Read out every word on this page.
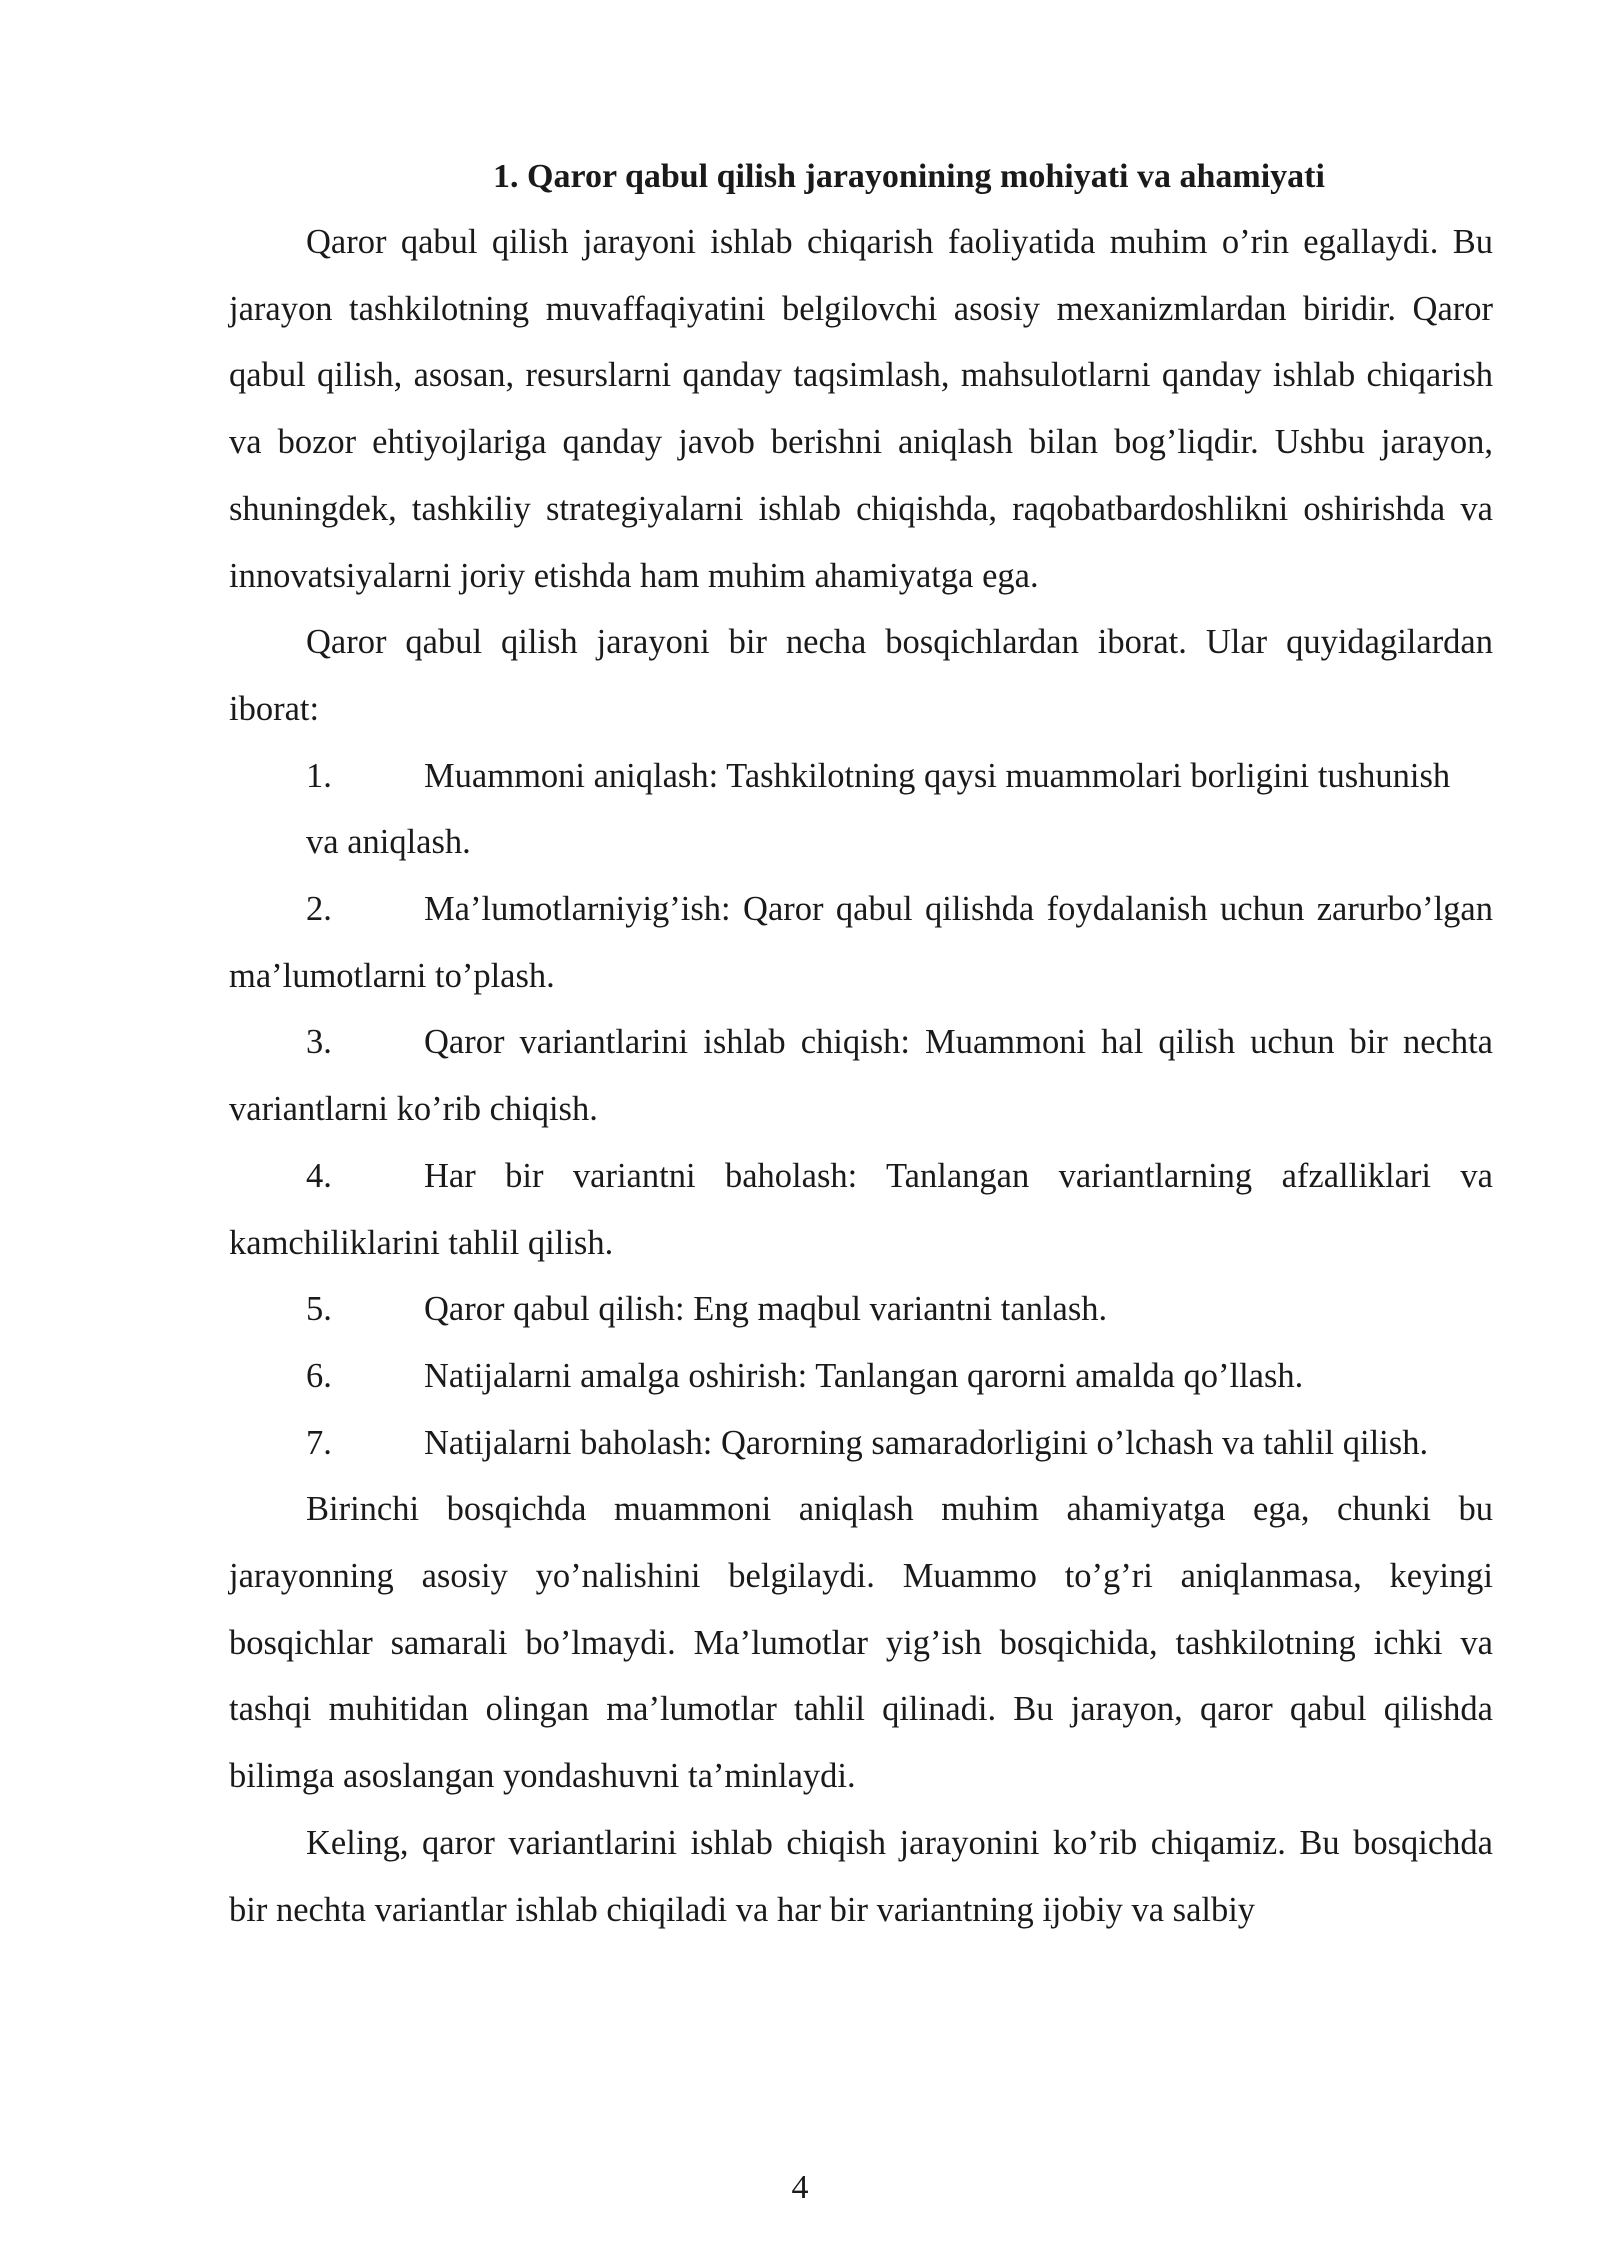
1. Qaror qabul qilish jarayonining mohiyati va ahamiyati

Qaror qabul qilish jarayoni ishlab chiqarish faoliyatida muhim o’rin egallaydi. Bu jarayon tashkilotning muvaffaqiyatini belgilovchi asosiy mexanizmlardan biridir. Qaror qabul qilish, asosan, resurslarni qanday taqsimlash, mahsulotlarni qanday ishlab chiqarish va bozor ehtiyojlariga qanday javob berishni aniqlash bilan bog’liqdir. Ushbu jarayon, shuningdek, tashkiliy strategiyalarni ishlab chiqishda, raqobatbardoshlikni oshirishda va innovatsiyalarni joriy etishda ham muhim ahamiyatga ega.

Qaror qabul qilish jarayoni bir necha bosqichlardan iborat. Ular quyidagilardan iborat:

1.	Muammoni aniqlash: Tashkilotning qaysi muammolari borligini tushunish

va aniqlash.

2.	Ma’lumotlarniyig’ish: Qaror qabul qilishda foydalanish uchun zarurbo’lgan ma’lumotlarni to’plash.

3.	Qaror variantlarini ishlab chiqish: Muammoni hal qilish uchun bir nechta variantlarni ko’rib chiqish.

4.	Har bir variantni baholash: Tanlangan variantlarning afzalliklari va kamchiliklarini tahlil qilish.

5.	Qaror qabul qilish: Eng maqbul variantni tanlash.

6.	Natijalarni amalga oshirish: Tanlangan qarorni amalda qo’llash.

7.	Natijalarni baholash: Qarorning samaradorligini o’lchash va tahlil qilish.

Birinchi bosqichda muammoni aniqlash muhim ahamiyatga ega, chunki bu jarayonning asosiy yo’nalishini belgilaydi. Muammo to’g’ri aniqlanmasa, keyingi bosqichlar samarali bo’lmaydi. Ma’lumotlar yig’ish bosqichida, tashkilotning ichki va tashqi muhitidan olingan ma’lumotlar tahlil qilinadi. Bu jarayon, qaror qabul qilishda bilimga asoslangan yondashuvni ta’minlaydi.

Keling, qaror variantlarini ishlab chiqish jarayonini ko’rib chiqamiz. Bu bosqichda bir nechta variantlar ishlab chiqiladi va har bir variantning ijobiy va salbiy

4
